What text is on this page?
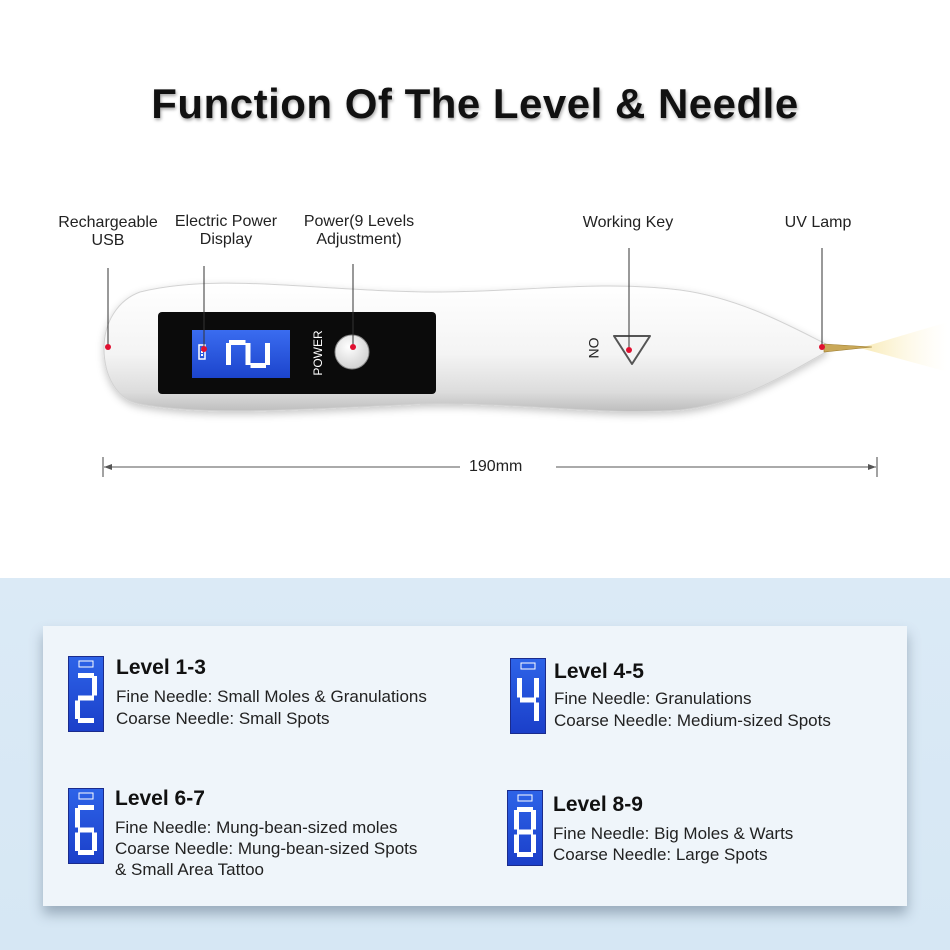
Function Of The Level & Needle
Rechargeable
USB
Electric Power
Display
Power(9 Levels
Adjustment)
Working Key	UV Lamp
POWER	ON
190mm
Level 1-3
Fine Needle: Small Moles & Granulations
Coarse Needle: Small Spots
Level 4-5
Fine Needle: Granulations
Coarse Needle: Medium-sized Spots
Level 6-7
Fine Needle: Mung-bean-sized moles
Coarse Needle: Mung-bean-sized Spots
& Small Area Tattoo
Level 8-9
Fine Needle: Big Moles & Warts
Coarse Needle: Large Spots
